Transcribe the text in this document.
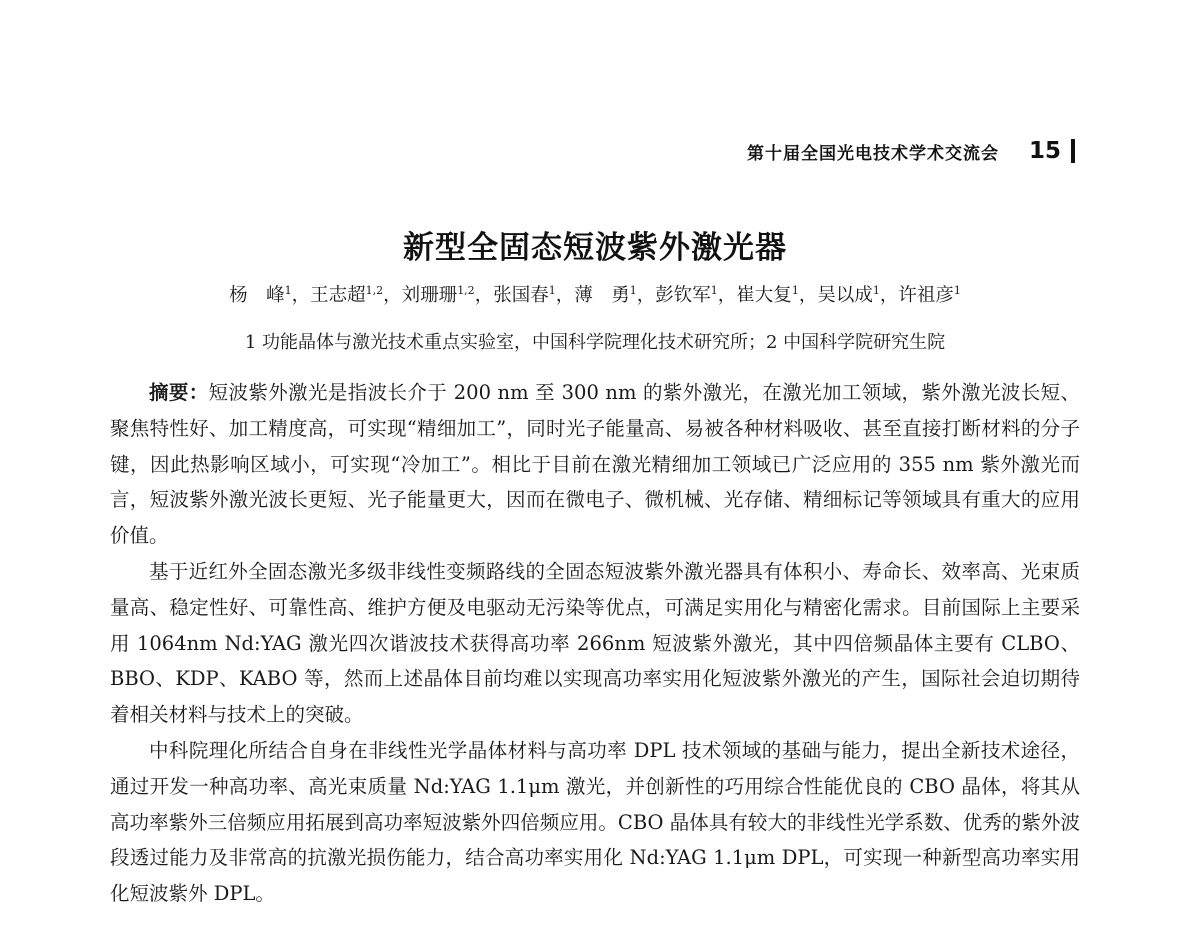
第十届全国光电技术学术交流会 15
新型全固态短波紫外激光器
杨　峰$^1$，王志超$^{1,2}$，刘珊珊$^{1,2}$，张国春$^1$，薄　勇$^1$，彭钦军$^1$，崔大复$^1$，吴以成$^1$，许祖彦$^1$
1 功能晶体与激光技术重点实验室，中国科学院理化技术研究所；2 中国科学院研究生院

摘要：短波紫外激光是指波长介于 200 nm 至 300 nm 的紫外激光，在激光加工领域，紫外激光波长短、聚焦特性好、加工精度高，可实现“精细加工”，同时光子能量高、易被各种材料吸收、甚至直接打断材料的分子键，因此热影响区域小，可实现“冷加工”。相比于目前在激光精细加工领域已广泛应用的 355 nm 紫外激光而言，短波紫外激光波长更短、光子能量更大，因而在微电子、微机械、光存储、精细标记等领域具有重大的应用价值。

基于近红外全固态激光多级非线性变频路线的全固态短波紫外激光器具有体积小、寿命长、效率高、光束质量高、稳定性好、可靠性高、维护方便及电驱动无污染等优点，可满足实用化与精密化需求。目前国际上主要采用 1064nm Nd:YAG 激光四次谐波技术获得高功率 266nm 短波紫外激光，其中四倍频晶体主要有 CLBO、BBO、KDP、KABO 等，然而上述晶体目前均难以实现高功率实用化短波紫外激光的产生，国际社会迫切期待着相关材料与技术上的突破。

中科院理化所结合自身在非线性光学晶体材料与高功率 DPL 技术领域的基础与能力，提出全新技术途径，通过开发一种高功率、高光束质量 Nd:YAG 1.1μm 激光，并创新性的巧用综合性能优良的 CBO 晶体，将其从高功率紫外三倍频应用拓展到高功率短波紫外四倍频应用。CBO 晶体具有较大的非线性光学系数、优秀的紫外波段透过能力及非常高的抗激光损伤能力，结合高功率实用化 Nd:YAG 1.1μm DPL，可实现一种新型高功率实用化短波紫外 DPL。
